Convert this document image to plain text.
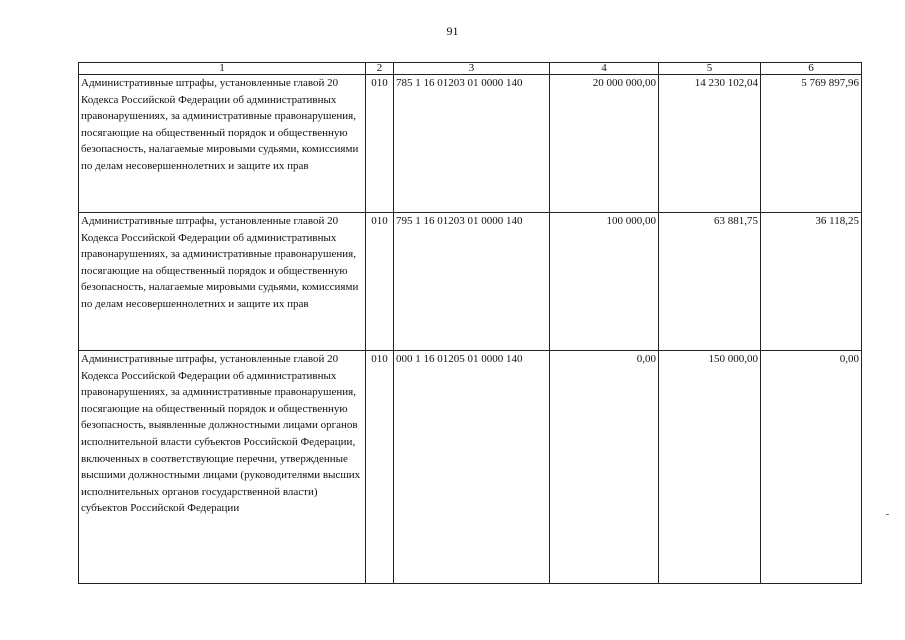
91
1	2	3	4	5	6
Административные штрафы, установленные главой 20 Кодекса Российской Федерации об административных правонарушениях, за административные правонарушения, посягающие на общественный порядок и общественную безопасность, налагаемые мировыми судьями, комиссиями по делам несовершеннолетних и защите их прав	010	785 1 16 01203 01 0000 140	20 000 000,00	14 230 102,04	5 769 897,96
Административные штрафы, установленные главой 20 Кодекса Российской Федерации об административных правонарушениях, за административные правонарушения, посягающие на общественный порядок и общественную безопасность, налагаемые мировыми судьями, комиссиями по делам несовершеннолетних и защите их прав	010	795 1 16 01203 01 0000 140	100 000,00	63 881,75	36 118,25
Административные штрафы, установленные главой 20 Кодекса Российской Федерации об административных правонарушениях, за административные правонарушения, посягающие на общественный порядок и общественную безопасность, выявленные должностными лицами органов исполнительной власти субъектов Российской Федерации, включенных в соответствующие перечни, утвержденные высшими должностными лицами (руководителями высших исполнительных органов государственной власти) субъектов Российской Федерации	010	000 1 16 01205 01 0000 140	0,00	150 000,00	0,00
